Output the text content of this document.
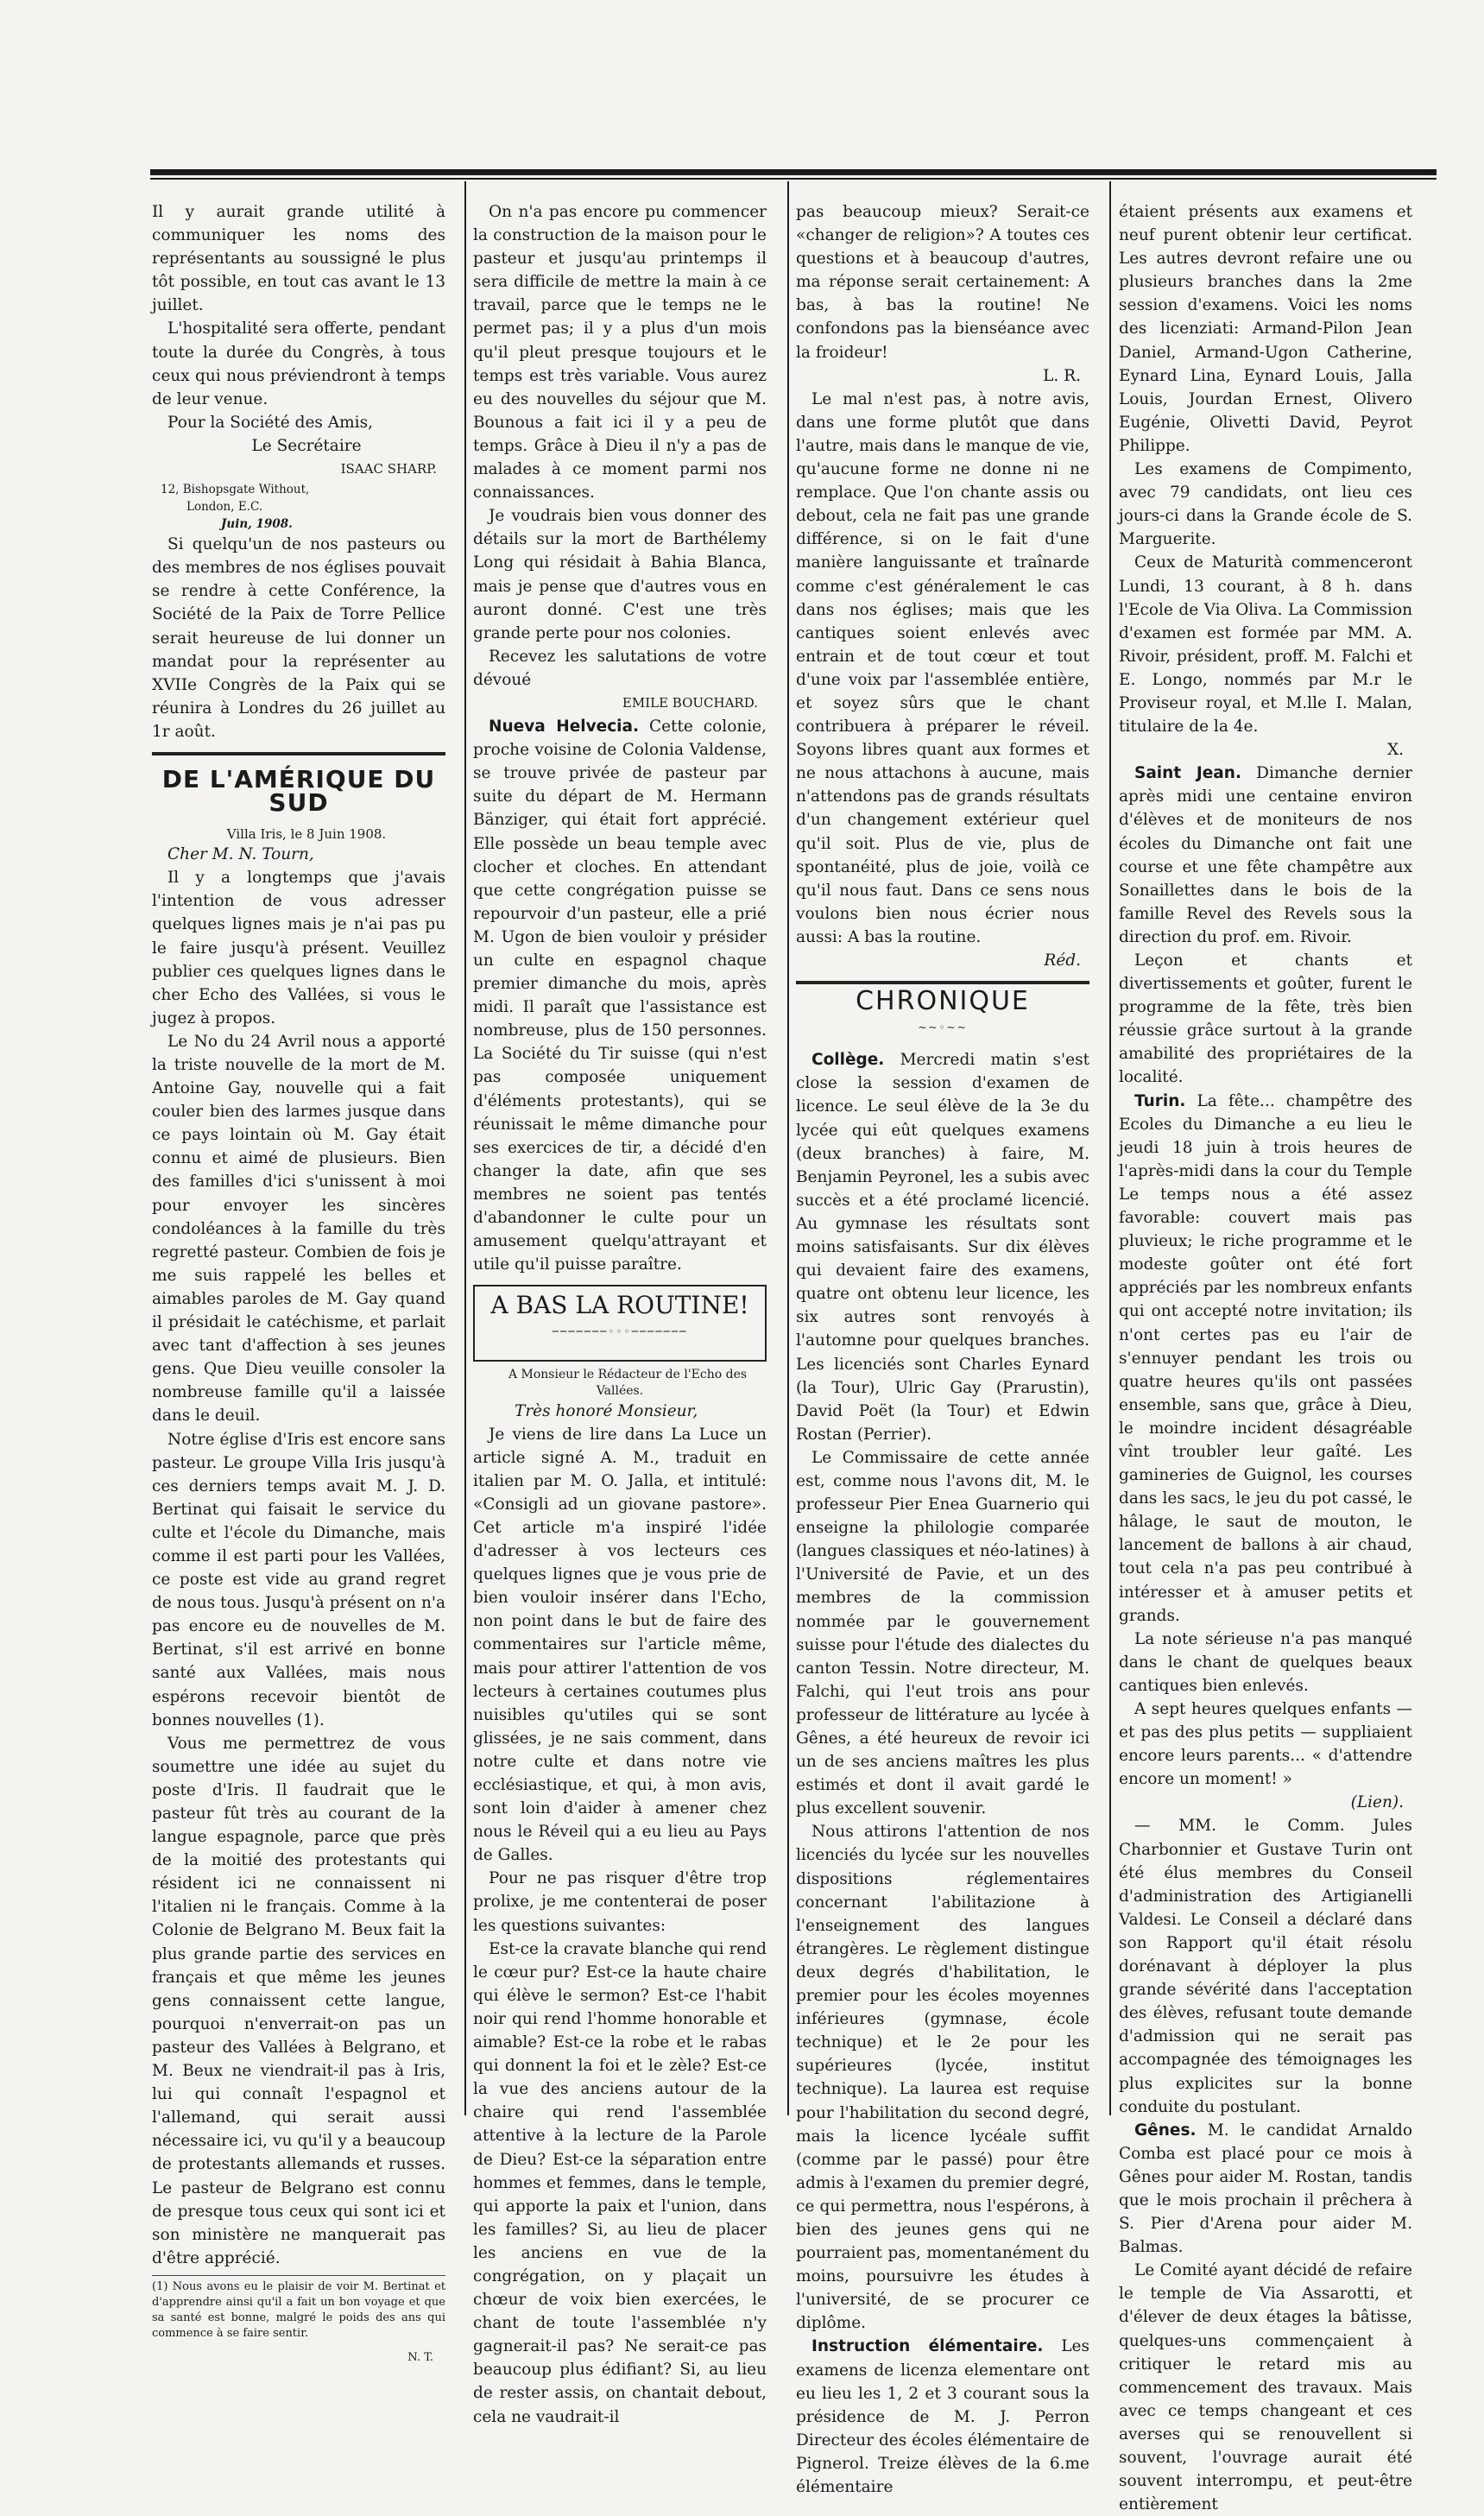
Il y aurait grande utilité à communiquer les noms des représentants au soussigné le plus tôt possible, en tout cas avant le 13 juillet.

L'hospitalité sera offerte, pendant toute la durée du Congrès, à tous ceux qui nous préviendront à temps de leur venue.

Pour la Société des Amis,

Le Secrétaire

ISAAC SHARP.

12, Bishopsgate Without,
London, E.C.
Juin, 1908.

Si quelqu'un de nos pasteurs ou des membres de nos églises pouvait se rendre à cette Conférence, la Société de la Paix de Torre Pellice serait heureuse de lui donner un mandat pour la représenter au XVIIe Congrès de la Paix qui se réunira à Londres du 26 juillet au 1r août.

DE L'AMÉRIQUE DU SUD

Villa Iris, le 8 Juin 1908.

Cher M. N. Tourn,

Il y a longtemps que j'avais l'intention de vous adresser quelques lignes mais je n'ai pas pu le faire jusqu'à présent. Veuillez publier ces quelques lignes dans le cher Echo des Vallées, si vous le jugez à propos.

Le No du 24 Avril nous a apporté la triste nouvelle de la mort de M. Antoine Gay, nouvelle qui a fait couler bien des larmes jusque dans ce pays lointain où M. Gay était connu et aimé de plusieurs. Bien des familles d'ici s'unissent à moi pour envoyer les sincères condoléances à la famille du très regretté pasteur. Combien de fois je me suis rappelé les belles et aimables paroles de M. Gay quand il présidait le catéchisme, et parlait avec tant d'affection à ses jeunes gens. Que Dieu veuille consoler la nombreuse famille qu'il a laissée dans le deuil.

Notre église d'Iris est encore sans pasteur. Le groupe Villa Iris jusqu'à ces derniers temps avait M. J. D. Bertinat qui faisait le service du culte et l'école du Dimanche, mais comme il est parti pour les Vallées, ce poste est vide au grand regret de nous tous. Jusqu'à présent on n'a pas encore eu de nouvelles de M. Bertinat, s'il est arrivé en bonne santé aux Vallées, mais nous espérons recevoir bientôt de bonnes nouvelles (1).

Vous me permettrez de vous soumettre une idée au sujet du poste d'Iris. Il faudrait que le pasteur fût très au courant de la langue espagnole, parce que près de la moitié des protestants qui résident ici ne connaissent ni l'italien ni le français. Comme à la Colonie de Belgrano M. Beux fait la plus grande partie des services en français et que même les jeunes gens connaissent cette langue, pourquoi n'enverrait-on pas un pasteur des Vallées à Belgrano, et M. Beux ne viendrait-il pas à Iris, lui qui connaît l'espagnol et l'allemand, qui serait aussi nécessaire ici, vu qu'il y a beaucoup de protestants allemands et russes. Le pasteur de Belgrano est connu de presque tous ceux qui sont ici et son ministère ne manquerait pas d'être apprécié.

(1) Nous avons eu le plaisir de voir M. Bertinat et d'apprendre ainsi qu'il a fait un bon voyage et que sa santé est bonne, malgré le poids des ans qui commence à se faire sentir.
N. T.

On n'a pas encore pu commencer la construction de la maison pour le pasteur et jusqu'au printemps il sera difficile de mettre la main à ce travail, parce que le temps ne le permet pas; il y a plus d'un mois qu'il pleut presque toujours et le temps est très variable. Vous aurez eu des nouvelles du séjour que M. Bounous a fait ici il y a peu de temps. Grâce à Dieu il n'y a pas de malades à ce moment parmi nos connaissances.

Je voudrais bien vous donner des détails sur la mort de Barthélemy Long qui résidait à Bahia Blanca, mais je pense que d'autres vous en auront donné. C'est une très grande perte pour nos colonies.

Recevez les salutations de votre dévoué

EMILE BOUCHARD.

Nueva Helvecia. Cette colonie, proche voisine de Colonia Valdense, se trouve privée de pasteur par suite du départ de M. Hermann Bänziger, qui était fort apprécié. Elle possède un beau temple avec clocher et cloches. En attendant que cette congrégation puisse se repourvoir d'un pasteur, elle a prié M. Ugon de bien vouloir y présider un culte en espagnol chaque premier dimanche du mois, après midi. Il paraît que l'assistance est nombreuse, plus de 150 personnes. La Société du Tir suisse (qui n'est pas composée uniquement d'éléments protestants), qui se réunissait le même dimanche pour ses exercices de tir, a décidé d'en changer la date, afin que ses membres ne soient pas tentés d'abandonner le culte pour un amusement quelqu'attrayant et utile qu'il puisse paraître.

A BAS LA ROUTINE!
───────◦◦◦───────

A Monsieur le Rédacteur de l'Echo des Vallées.

Très honoré Monsieur,

Je viens de lire dans La Luce un article signé A. M., traduit en italien par M. O. Jalla, et intitulé: «Consigli ad un giovane pastore». Cet article m'a inspiré l'idée d'adresser à vos lecteurs ces quelques lignes que je vous prie de bien vouloir insérer dans l'Echo, non point dans le but de faire des commentaires sur l'article même, mais pour attirer l'attention de vos lecteurs à certaines coutumes plus nuisibles qu'utiles qui se sont glissées, je ne sais comment, dans notre culte et dans notre vie ecclésiastique, et qui, à mon avis, sont loin d'aider à amener chez nous le Réveil qui a eu lieu au Pays de Galles.

Pour ne pas risquer d'être trop prolixe, je me contenterai de poser les questions suivantes:

Est-ce la cravate blanche qui rend le cœur pur? Est-ce la haute chaire qui élève le sermon? Est-ce l'habit noir qui rend l'homme honorable et aimable? Est-ce la robe et le rabas qui donnent la foi et le zèle? Est-ce la vue des anciens autour de la chaire qui rend l'assemblée attentive à la lecture de la Parole de Dieu? Est-ce la séparation entre hommes et femmes, dans le temple, qui apporte la paix et l'union, dans les familles? Si, au lieu de placer les anciens en vue de la congrégation, on y plaçait un chœur de voix bien exercées, le chant de toute l'assemblée n'y gagnerait-il pas? Ne serait-ce pas beaucoup plus édifiant? Si, au lieu de rester assis, on chantait debout, cela ne vaudrait-il

pas beaucoup mieux? Serait-ce «changer de religion»? A toutes ces questions et à beaucoup d'autres, ma réponse serait certainement: A bas, à bas la routine! Ne confondons pas la bienséance avec la froideur!

L. R.

Le mal n'est pas, à notre avis, dans une forme plutôt que dans l'autre, mais dans le manque de vie, qu'aucune forme ne donne ni ne remplace. Que l'on chante assis ou debout, cela ne fait pas une grande différence, si on le fait d'une manière languissante et traînarde comme c'est généralement le cas dans nos églises; mais que les cantiques soient enlevés avec entrain et de tout cœur et tout d'une voix par l'assemblée entière, et soyez sûrs que le chant contribuera à préparer le réveil. Soyons libres quant aux formes et ne nous attachons à aucune, mais n'attendons pas de grands résultats d'un changement extérieur quel qu'il soit. Plus de vie, plus de spontanéité, plus de joie, voilà ce qu'il nous faut. Dans ce sens nous voulons bien nous écrier nous aussi: A bas la routine.

Réd.

CHRONIQUE
~~◦~~

Collège. Mercredi matin s'est close la session d'examen de licence. Le seul élève de la 3e du lycée qui eût quelques examens (deux branches) à faire, M. Benjamin Peyronel, les a subis avec succès et a été proclamé licencié. Au gymnase les résultats sont moins satisfaisants. Sur dix élèves qui devaient faire des examens, quatre ont obtenu leur licence, les six autres sont renvoyés à l'automne pour quelques branches. Les licenciés sont Charles Eynard (la Tour), Ulric Gay (Prarustin), David Poët (la Tour) et Edwin Rostan (Perrier).

Le Commissaire de cette année est, comme nous l'avons dit, M. le professeur Pier Enea Guarnerio qui enseigne la philologie comparée (langues classiques et néo-latines) à l'Université de Pavie, et un des membres de la commission nommée par le gouvernement suisse pour l'étude des dialectes du canton Tessin. Notre directeur, M. Falchi, qui l'eut trois ans pour professeur de littérature au lycée à Gênes, a été heureux de revoir ici un de ses anciens maîtres les plus estimés et dont il avait gardé le plus excellent souvenir.

Nous attirons l'attention de nos licenciés du lycée sur les nouvelles dispositions réglementaires concernant l'abilitazione à l'enseignement des langues étrangères. Le règlement distingue deux degrés d'habilitation, le premier pour les écoles moyennes inférieures (gymnase, école technique) et le 2e pour les supérieures (lycée, institut technique). La laurea est requise pour l'habilitation du second degré, mais la licence lycéale suffit (comme par le passé) pour être admis à l'examen du premier degré, ce qui permettra, nous l'espérons, à bien des jeunes gens qui ne pourraient pas, momentanément du moins, poursuivre les études à l'université, de se procurer ce diplôme.

Instruction élémentaire. Les examens de licenza elementare ont eu lieu les 1, 2 et 3 courant sous la présidence de M. J. Perron Directeur des écoles élémentaire de Pignerol. Treize élèves de la 6.me élémentaire

étaient présents aux examens et neuf purent obtenir leur certificat. Les autres devront refaire une ou plusieurs branches dans la 2me session d'examens. Voici les noms des licenziati: Armand-Pilon Jean Daniel, Armand-Ugon Catherine, Eynard Lina, Eynard Louis, Jalla Louis, Jourdan Ernest, Olivero Eugénie, Olivetti David, Peyrot Philippe.

Les examens de Compimento, avec 79 candidats, ont lieu ces jours-ci dans la Grande école de S. Marguerite.

Ceux de Maturità commenceront Lundi, 13 courant, à 8 h. dans l'Ecole de Via Oliva. La Commission d'examen est formée par MM. A. Rivoir, président, proff. M. Falchi et E. Longo, nommés par M.r le Proviseur royal, et M.lle I. Malan, titulaire de la 4e.

X.

Saint Jean. Dimanche dernier après midi une centaine environ d'élèves et de moniteurs de nos écoles du Dimanche ont fait une course et une fête champêtre aux Sonaillettes dans le bois de la famille Revel des Revels sous la direction du prof. em. Rivoir.

Leçon et chants et divertissements et goûter, furent le programme de la fête, très bien réussie grâce surtout à la grande amabilité des propriétaires de la localité.

Turin. La fête... champêtre des Ecoles du Dimanche a eu lieu le jeudi 18 juin à trois heures de l'après-midi dans la cour du Temple Le temps nous a été assez favorable: couvert mais pas pluvieux; le riche programme et le modeste goûter ont été fort appréciés par les nombreux enfants qui ont accepté notre invitation; ils n'ont certes pas eu l'air de s'ennuyer pendant les trois ou quatre heures qu'ils ont passées ensemble, sans que, grâce à Dieu, le moindre incident désagréable vînt troubler leur gaîté. Les gamineries de Guignol, les courses dans les sacs, le jeu du pot cassé, le hâlage, le saut de mouton, le lancement de ballons à air chaud, tout cela n'a pas peu contribué à intéresser et à amuser petits et grands.

La note sérieuse n'a pas manqué dans le chant de quelques beaux cantiques bien enlevés.

A sept heures quelques enfants — et pas des plus petits — suppliaient encore leurs parents... « d'attendre encore un moment! »

(Lien).

— MM. le Comm. Jules Charbonnier et Gustave Turin ont été élus membres du Conseil d'administration des Artigianelli Valdesi. Le Conseil a déclaré dans son Rapport qu'il était résolu dorénavant à déployer la plus grande sévérité dans l'acceptation des élèves, refusant toute demande d'admission qui ne serait pas accompagnée des témoignages les plus explicites sur la bonne conduite du postulant.

Gênes. M. le candidat Arnaldo Comba est placé pour ce mois à Gênes pour aider M. Rostan, tandis que le mois prochain il prêchera à S. Pier d'Arena pour aider M. Balmas.

Le Comité ayant décidé de refaire le temple de Via Assarotti, et d'élever de deux étages la bâtisse, quelques-uns commençaient à critiquer le retard mis au commencement des travaux. Mais avec ce temps changeant et ces averses qui se renouvellent si souvent, l'ouvrage aurait été souvent interrompu, et peut-être entièrement
